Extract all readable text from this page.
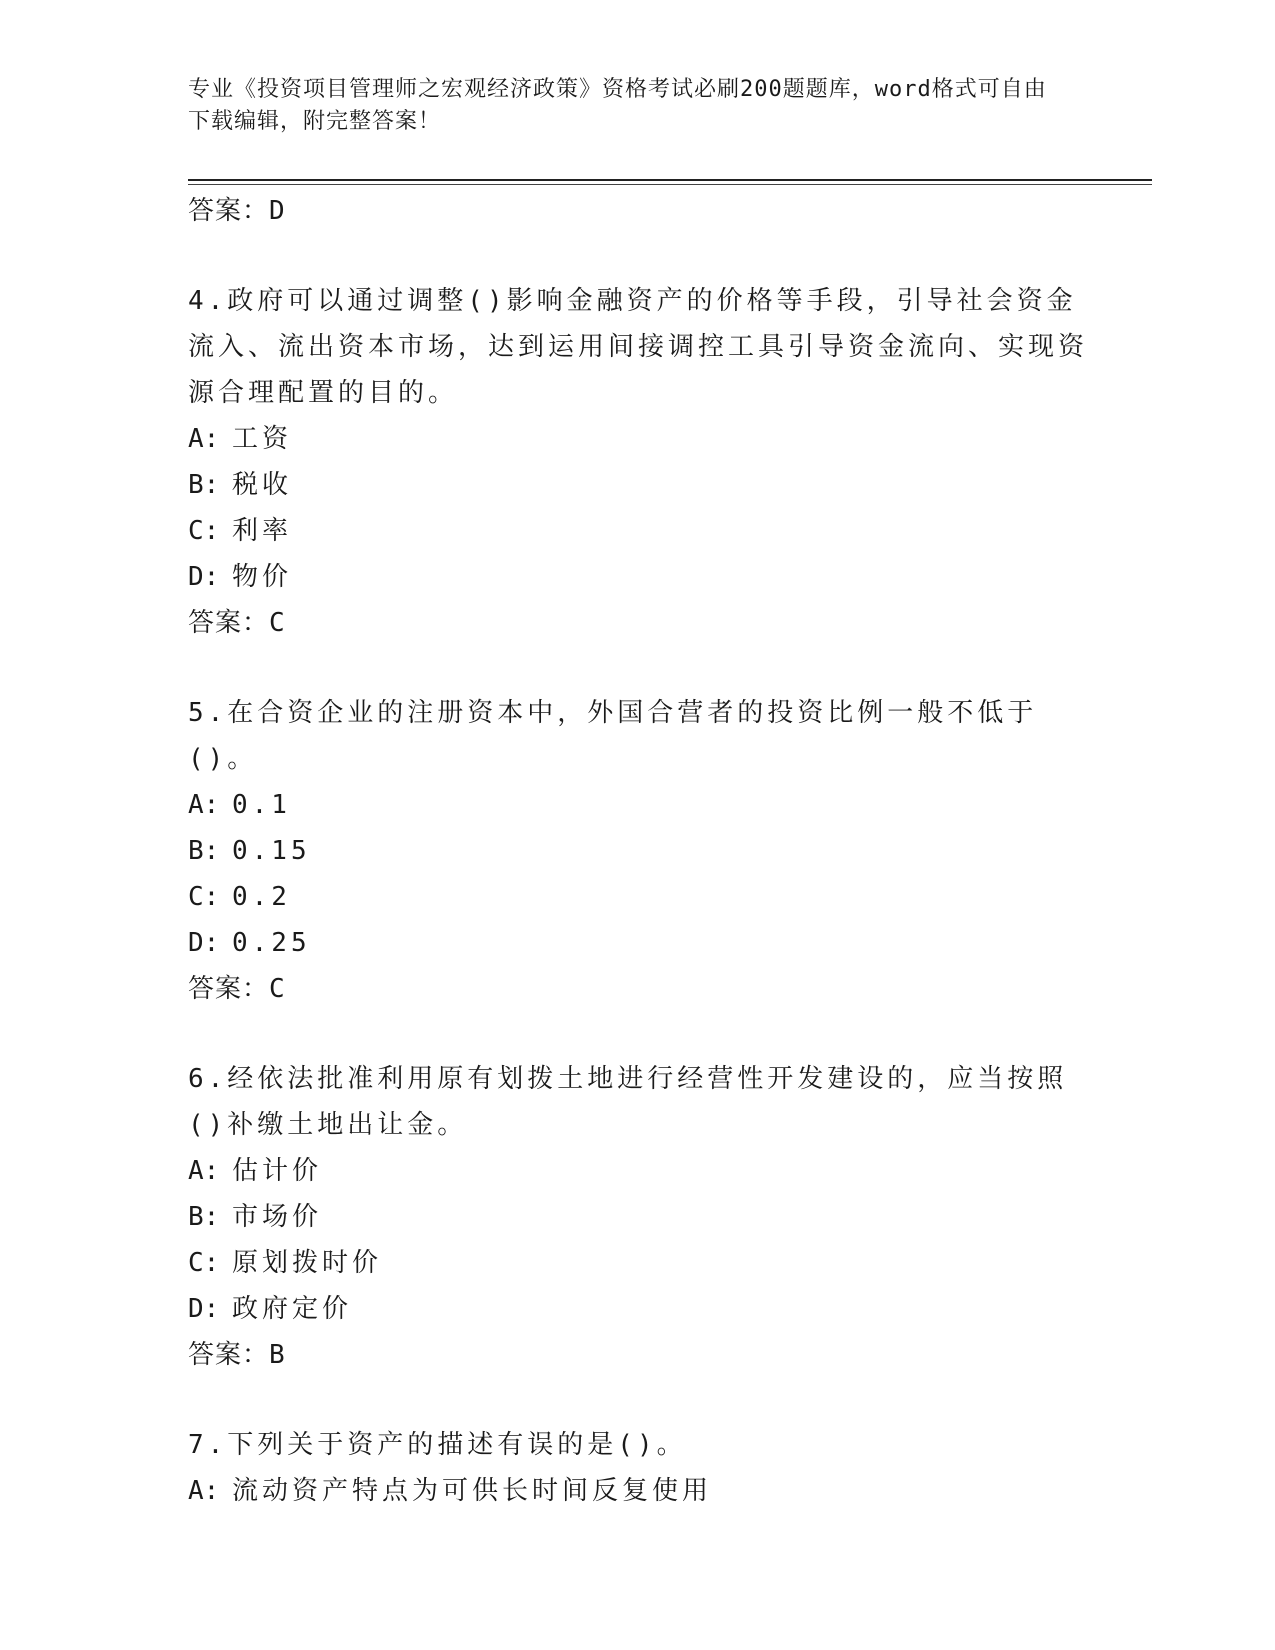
专业《投资项目管理师之宏观经济政策》资格考试必刷200题题库，word格式可自由下载编辑，附完整答案！
答案：D
4.政府可以通过调整()影响金融资产的价格等手段，引导社会资金流入、流出资本市场，达到运用间接调控工具引导资金流向、实现资源合理配置的目的。
A: 工资
B: 税收
C: 利率
D: 物价
答案：C
5.在合资企业的注册资本中，外国合营者的投资比例一般不低于()。
A: 0.1
B: 0.15
C: 0.2
D: 0.25
答案：C
6.经依法批准利用原有划拨土地进行经营性开发建设的，应当按照()补缴土地出让金。
A: 估计价
B: 市场价
C: 原划拨时价
D: 政府定价
答案：B
7.下列关于资产的描述有误的是()。
A: 流动资产特点为可供长时间反复使用
